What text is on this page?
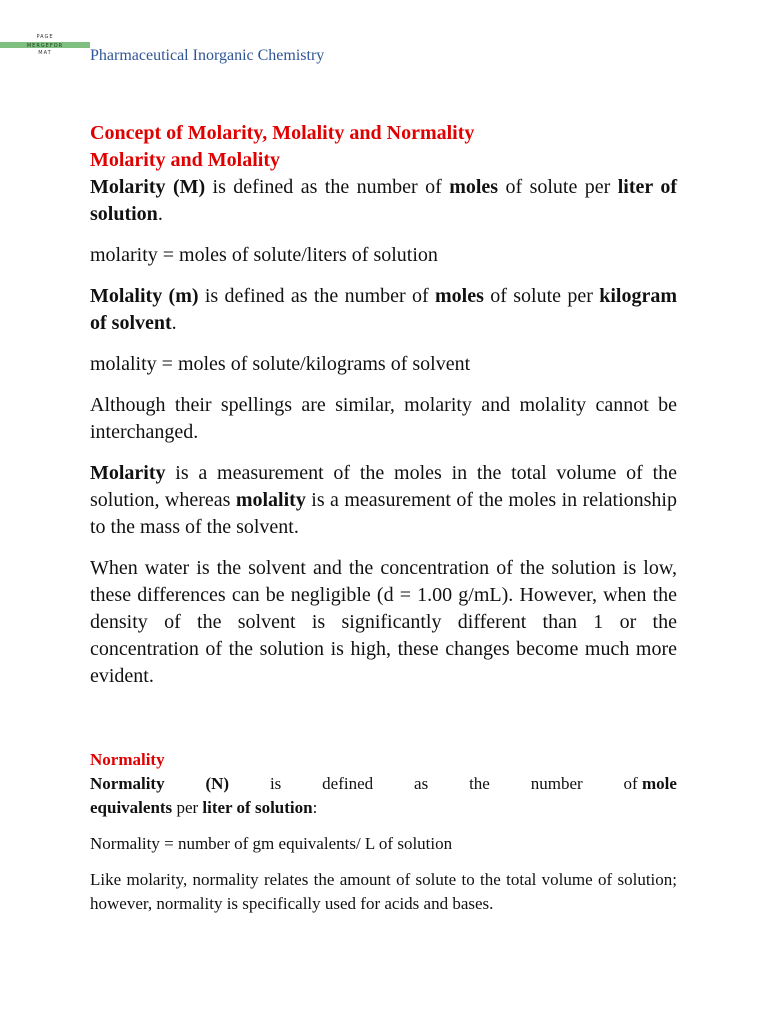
PAGE
MERGEFOR
MAT	Pharmaceutical Inorganic Chemistry

Concept of Molarity, Molality and Normality

Molarity and Molality

Molarity (M) is defined as the number of moles of solute per liter of solution.

molarity = moles of solute/liters of solution

Molality (m) is defined as the number of moles of solute per kilogram of solvent.

molality = moles of solute/kilograms of solvent

Although their spellings are similar, molarity and molality cannot be interchanged.

Molarity is a measurement of the moles in the total volume of the solution, whereas molality is a measurement of the moles in relationship to the mass of the solvent.

When water is the solvent and the concentration of the solution is low, these differences can be negligible (d = 1.00 g/mL). However, when the density of the solvent is significantly different than 1 or the concentration of the solution is high, these changes become much more evident.

Normality

Normality (N) is defined as the number of mole
equivalents per liter of solution:

Normality = number of gm equivalents/ L of solution

Like molarity, normality relates the amount of solute to the total volume of solution; however, normality is specifically used for acids and bases.
